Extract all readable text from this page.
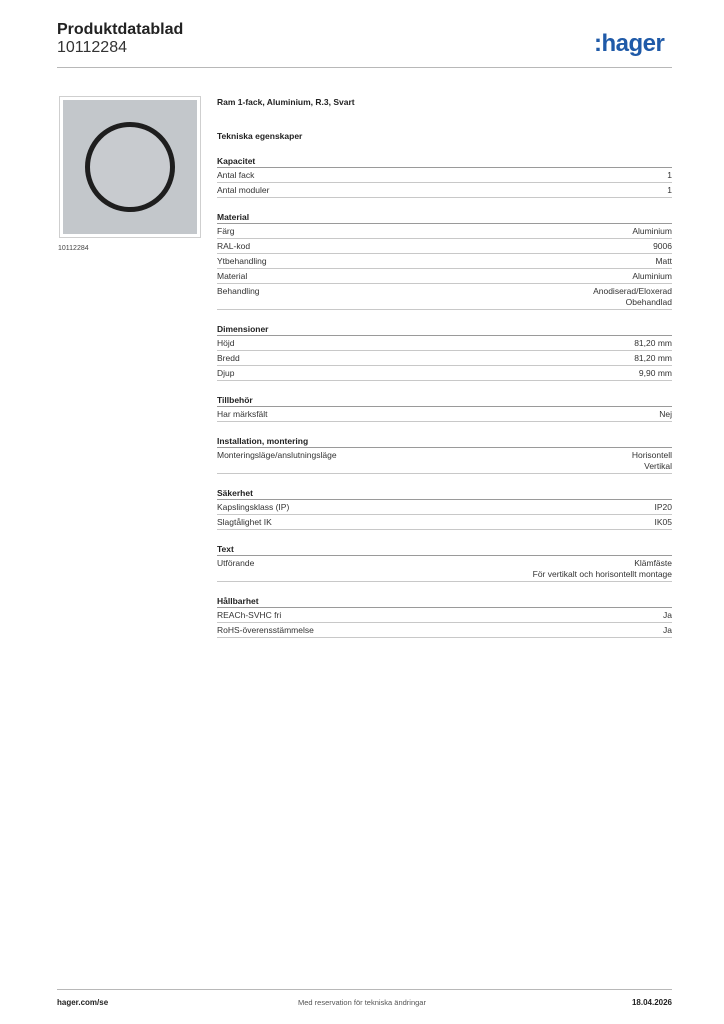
Produktdatablad
10112284	:hager
10112284
Ram 1-fack, Aluminium, R.3, Svart
Tekniska egenskaper
Kapacitet
Antal fack	1
Antal moduler	1
Material
Färg	Aluminium
RAL-kod	9006
Ytbehandling	Matt
Material	Aluminium
Behandling	Anodiserad/Eloxerad
Obehandlad
Dimensioner
Höjd	81,20 mm
Bredd	81,20 mm
Djup	9,90 mm
Tillbehör
Har märksfält	Nej
Installation, montering
Monteringsläge/anslutningsläge	Horisontell
Vertikal
Säkerhet
Kapslingsklass (IP)	IP20
Slagtålighet IK	IK05
Text
Utförande	Klämfäste
För vertikalt och horisontellt montage
Hållbarhet
REACh-SVHC fri	Ja
RoHS-överensstämmelse	Ja
hager.com/se	Med reservation för tekniska ändringar	18.04.2026
